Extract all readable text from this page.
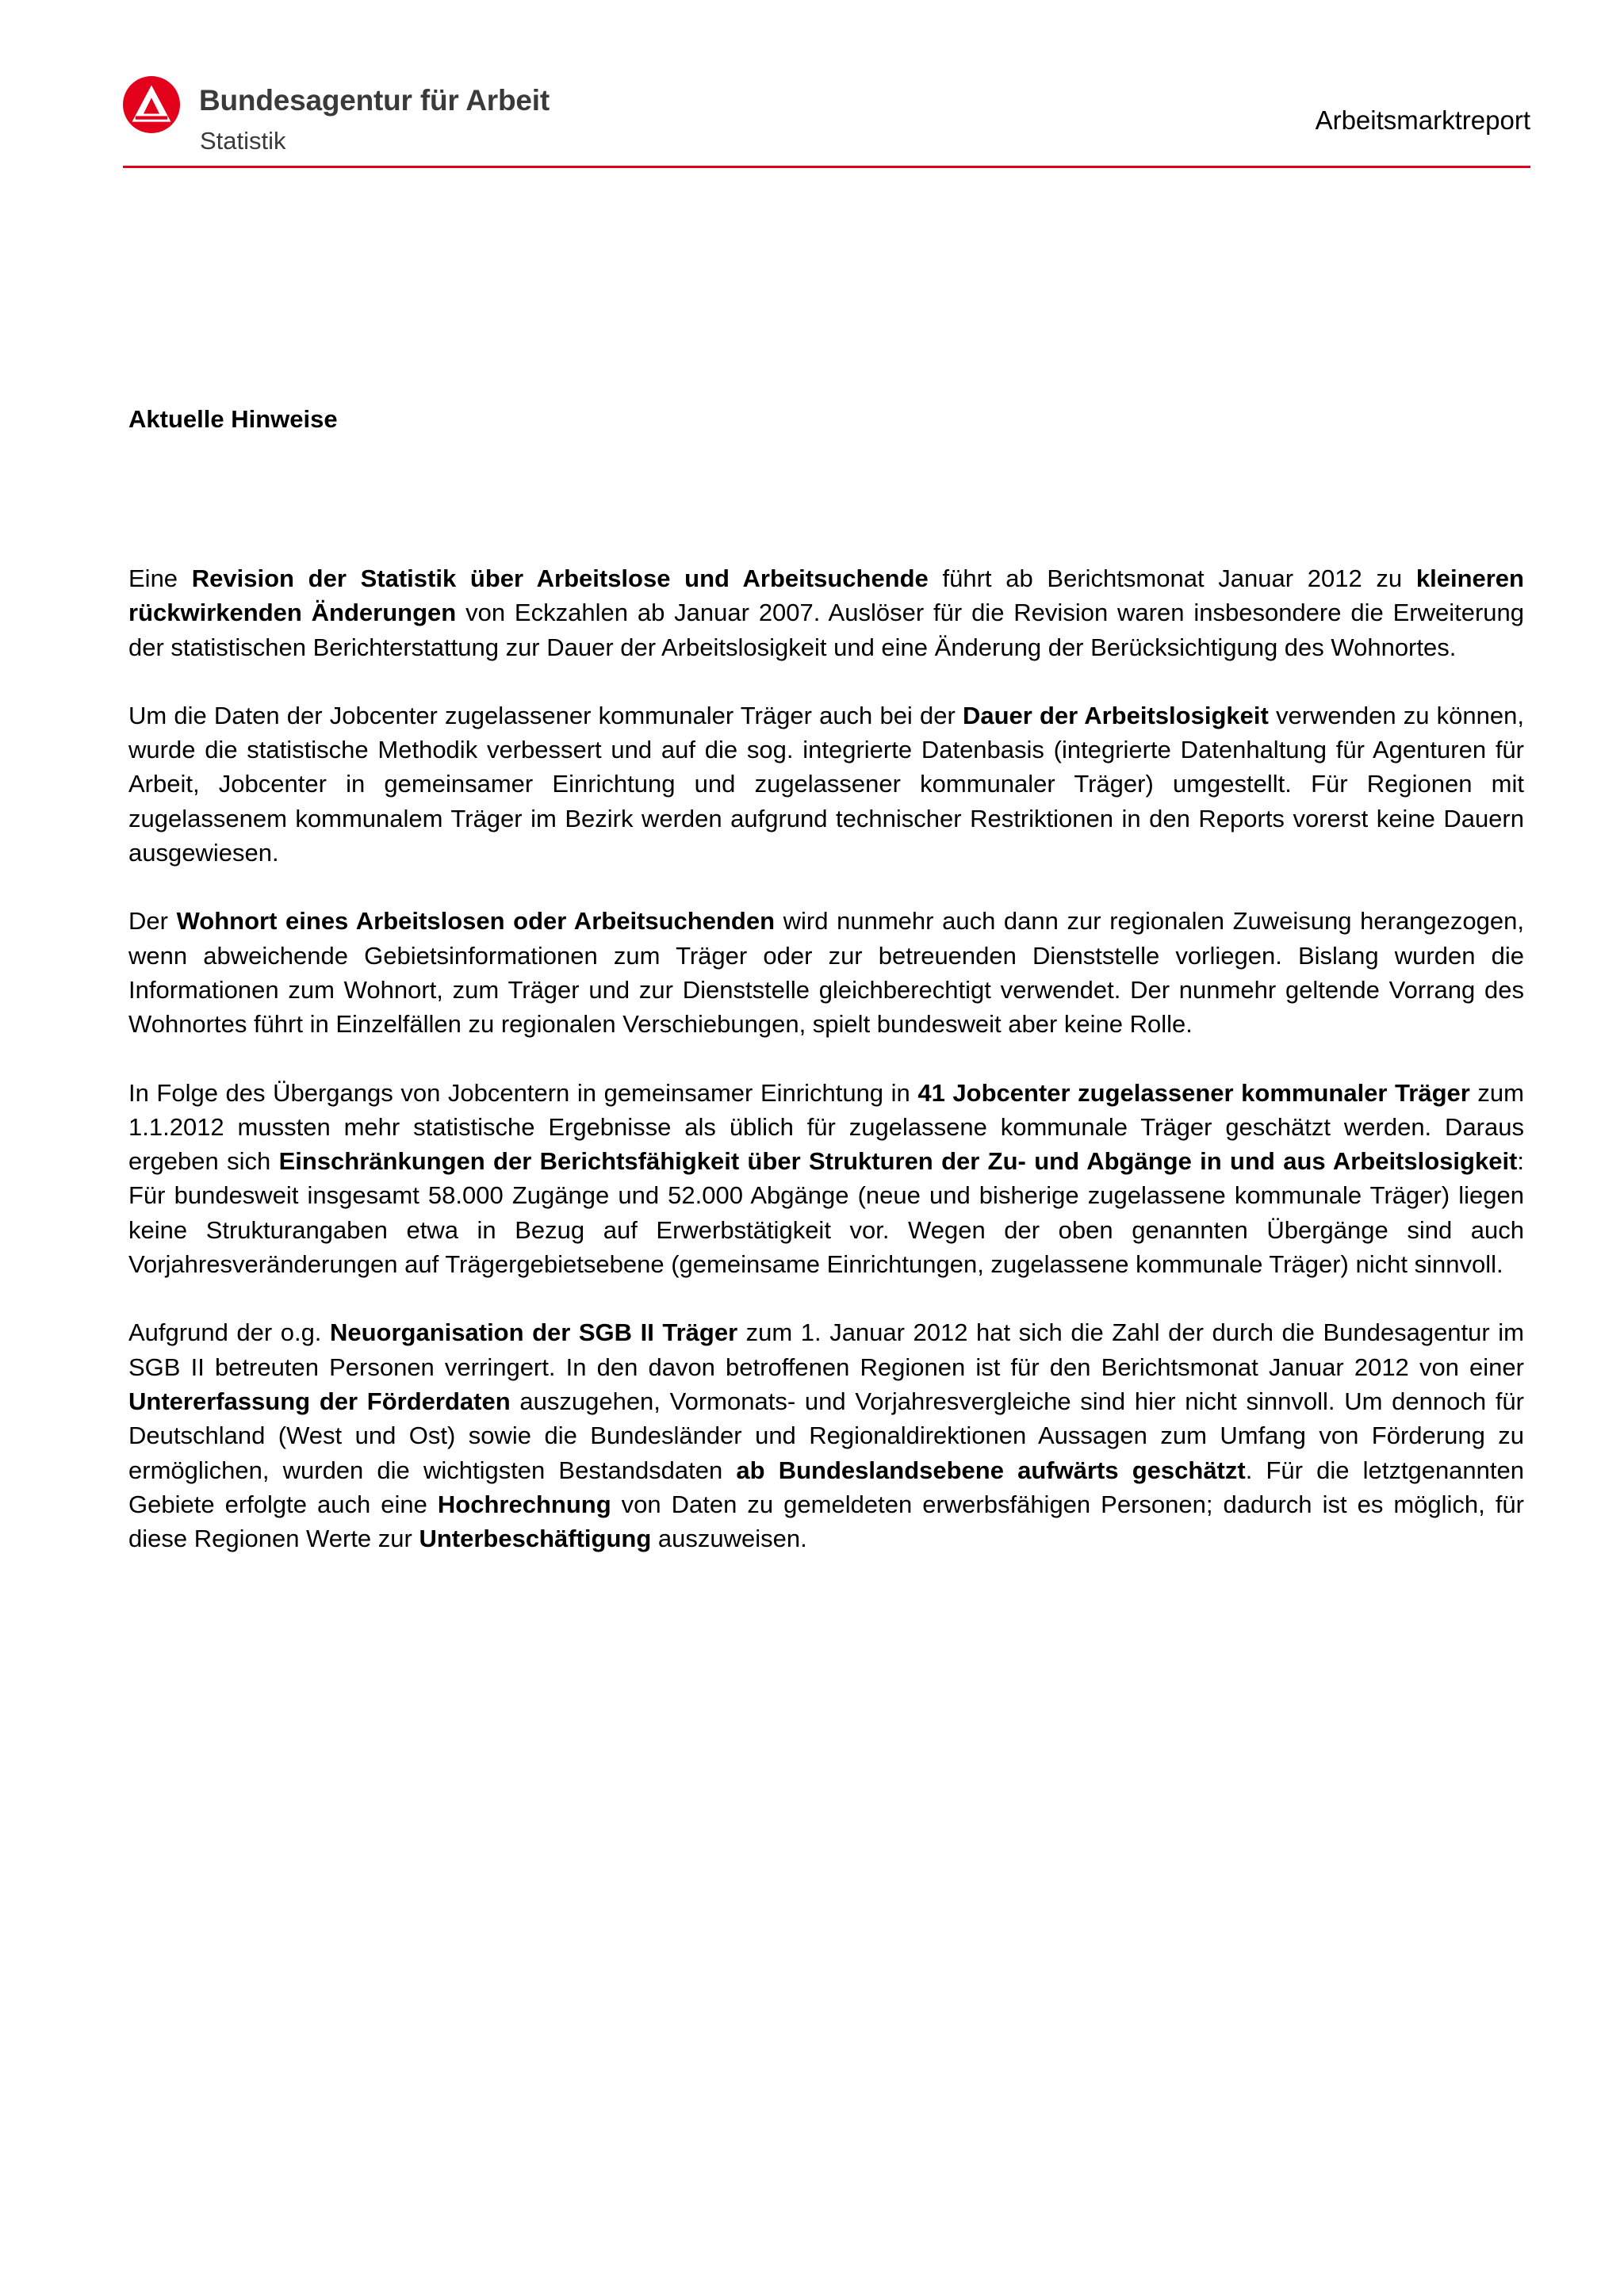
Bundesagentur für Arbeit
Statistik
Arbeitsmarktreport
Aktuelle Hinweise

Eine Revision der Statistik über Arbeitslose und Arbeitsuchende führt ab Berichtsmonat Januar 2012 zu kleineren rückwirkenden Änderungen von Eckzahlen ab Januar 2007. Auslöser für die Revision waren insbesondere die Erweiterung der statistischen Berichterstattung zur Dauer der Arbeitslosigkeit und eine Änderung der Berücksichtigung des Wohnortes.

Um die Daten der Jobcenter zugelassener kommunaler Träger auch bei der Dauer der Arbeitslosigkeit verwenden zu können, wurde die statistische Methodik verbessert und auf die sog. integrierte Datenbasis (integrierte Datenhaltung für Agenturen für Arbeit, Jobcenter in gemeinsamer Einrichtung und zugelassener kommunaler Träger) umgestellt. Für Regionen mit zugelassenem kommunalem Träger im Bezirk werden aufgrund technischer Restriktionen in den Reports vorerst keine Dauern ausgewiesen.

Der Wohnort eines Arbeitslosen oder Arbeitsuchenden wird nunmehr auch dann zur regionalen Zuweisung herangezogen, wenn abweichende Gebietsinformationen zum Träger oder zur betreuenden Dienststelle vorliegen. Bislang wurden die Informationen zum Wohnort, zum Träger und zur Dienststelle gleichberechtigt verwendet. Der nunmehr geltende Vorrang des Wohnortes führt in Einzelfällen zu regionalen Verschiebungen, spielt bundesweit aber keine Rolle.

In Folge des Übergangs von Jobcentern in gemeinsamer Einrichtung in 41 Jobcenter zugelassener kommunaler Träger zum 1.1.2012 mussten mehr statistische Ergebnisse als üblich für zugelassene kommunale Träger geschätzt werden. Daraus ergeben sich Einschränkungen der Berichtsfähigkeit über Strukturen der Zu- und Abgänge in und aus Arbeitslosigkeit: Für bundesweit insgesamt 58.000 Zugänge und 52.000 Abgänge (neue und bisherige zugelassene kommunale Träger) liegen keine Strukturangaben etwa in Bezug auf Erwerbstätigkeit vor. Wegen der oben genannten Übergänge sind auch Vorjahresveränderungen auf Trägergebietsebene (gemeinsame Einrichtungen, zugelassene kommunale Träger) nicht sinnvoll.

Aufgrund der o.g. Neuorganisation der SGB II Träger zum 1. Januar 2012 hat sich die Zahl der durch die Bundesagentur im SGB II betreuten Personen verringert. In den davon betroffenen Regionen ist für den Berichtsmonat Januar 2012 von einer Untererfassung der Förderdaten auszugehen, Vormonats- und Vorjahresvergleiche sind hier nicht sinnvoll. Um dennoch für Deutschland (West und Ost) sowie die Bundesländer und Regionaldirektionen Aussagen zum Umfang von Förderung zu ermöglichen, wurden die wichtigsten Bestandsdaten ab Bundeslandsebene aufwärts geschätzt. Für die letztgenannten Gebiete erfolgte auch eine Hochrechnung von Daten zu gemeldeten erwerbsfähigen Personen; dadurch ist es möglich, für diese Regionen Werte zur Unterbeschäftigung auszuweisen.
